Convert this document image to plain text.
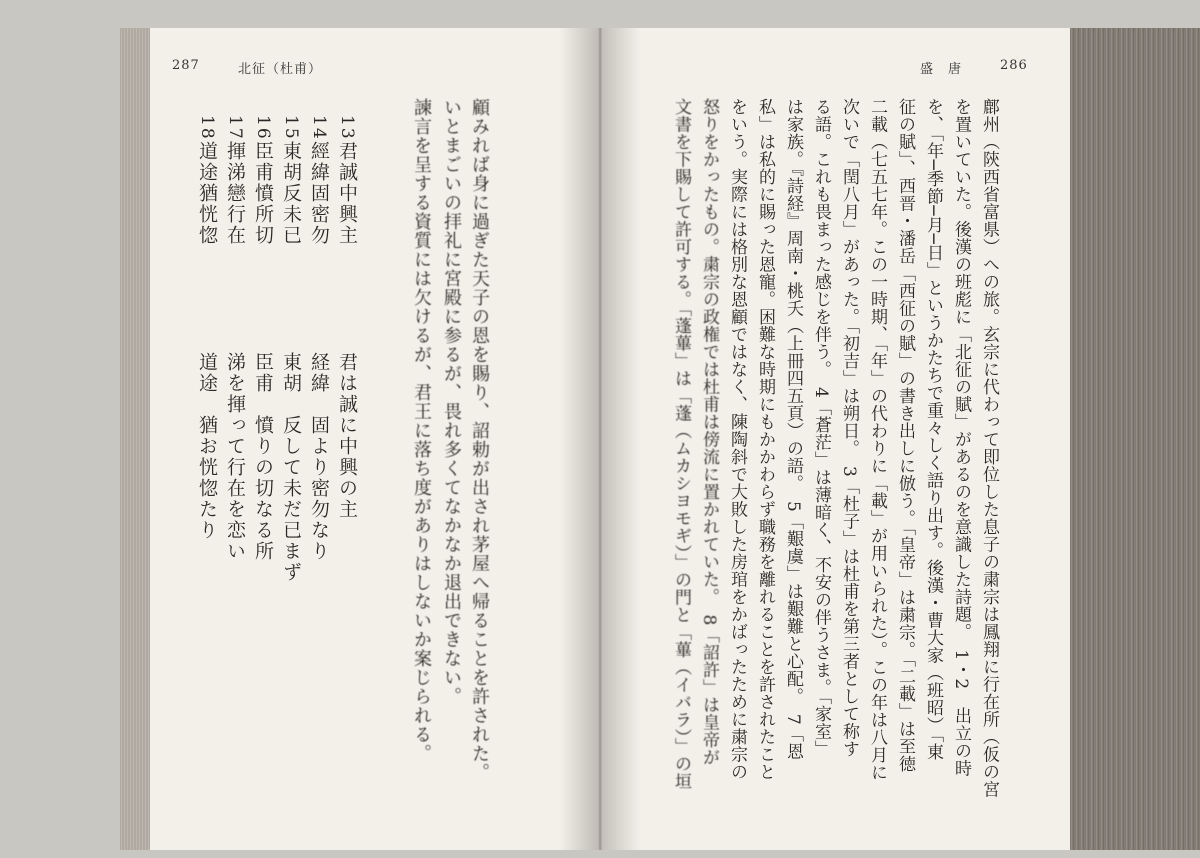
287	北征（杜甫）	盛　唐	286
13君誠中興主
14經緯固密勿
15東胡反未已
16臣甫憤所切
17揮涕戀行在
18道途猶恍惚
君は誠に中興の主
経緯　固より密勿なり
東胡　反して未だ已まず
臣甫　憤りの切なる所
涕を揮って行在を恋い
道途　猶お恍惚たり	顧みれば身に過ぎた天子の恩を賜り、詔勅が出され茅屋へ帰ることを許された。
いとまごいの拝礼に宮殿に参るが、畏れ多くてなかなか退出できない。
諫言を呈する資質には欠けるが、君王に落ち度がありはしないか案じられる。	鄜州（陝西省富県）への旅。玄宗に代わって即位した息子の粛宗は鳳翔に行在所（仮の宮
を置いていた。後漢の班彪に「北征の賦」があるのを意識した詩題。　1・2　出立の時
を、「年─季節─月─日」というかたちで重々しく語り出す。後漢・曹大家（班昭）「東
征の賦」、西晋・潘岳「西征の賦」の書き出しに倣う。「皇帝」は粛宗。「二載」は至徳
二載（七五七年。この一時期、「年」の代わりに「載」が用いられた）。この年は八月に
次いで「閏八月」があった。「初吉」は朔日。　3「杜子」は杜甫を第三者として称す
る語。これも畏まった感じを伴う。　4「蒼茫」は薄暗く、不安の伴うさま。「家室」
は家族。『詩経』周南・桃夭（上冊四五頁）の語。　5「艱虞」は艱難と心配。　7「恩
私」は私的に賜った恩寵。困難な時期にもかかわらず職務を離れることを許されたこと
をいう。実際には格別な恩顧ではなく、陳陶斜で大敗した房琯をかばったために粛宗の
怒りをかったもの。粛宗の政権では杜甫は傍流に置かれていた。　8「詔許」は皇帝が
文書を下賜して許可する。「蓬蓽」は「蓬（ムカシヨモギ）」の門と「蓽（イバラ）」の垣
